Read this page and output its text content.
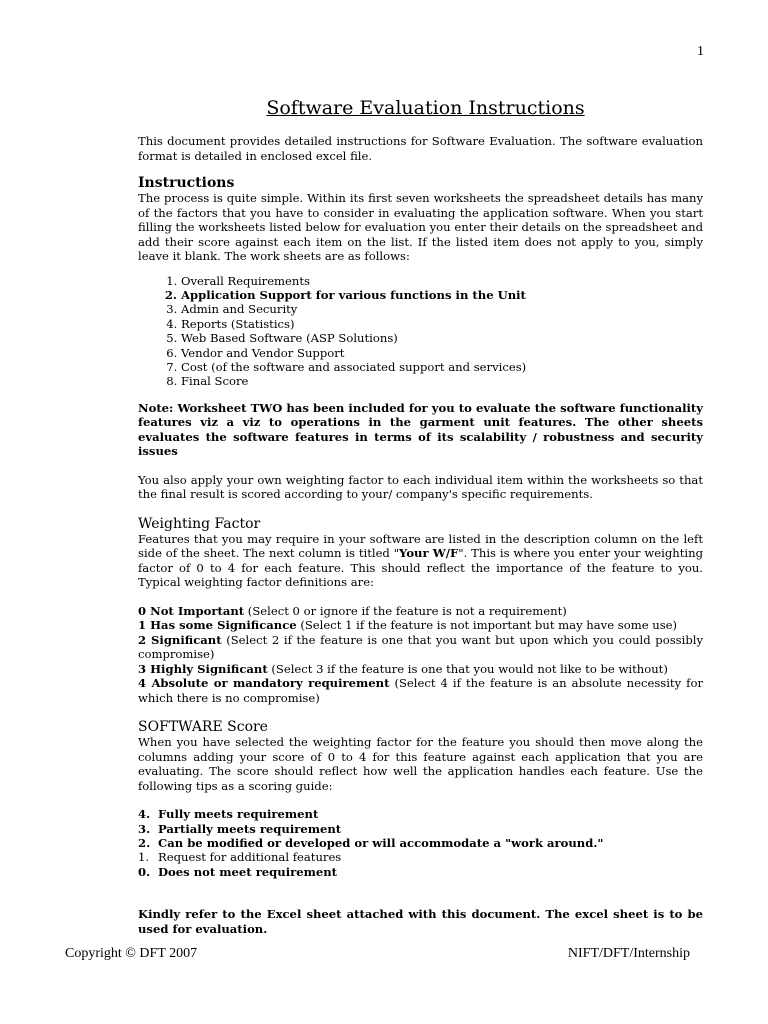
1
Software Evaluation Instructions

This document provides detailed instructions for Software Evaluation. The software evaluation format is detailed in enclosed excel file.

Instructions

The process is quite simple. Within its first seven worksheets the spreadsheet details has many of the factors that you have to consider in evaluating the application software. When you start filling the worksheets listed below for evaluation you enter their details on the spreadsheet and add their score against each item on the list. If the listed item does not apply to you, simply leave it blank. The work sheets are as follows:

1. Overall Requirements
2. Application Support for various functions in the Unit
3. Admin and Security
4. Reports (Statistics)
5. Web Based Software (ASP Solutions)
6. Vendor and Vendor Support
7. Cost (of the software and associated support and services)
8. Final Score

Note: Worksheet TWO has been included for you to evaluate the software functionality features viz a viz to operations in the garment unit features. The other sheets evaluates the software features in terms of its scalability / robustness and security issues

You also apply your own weighting factor to each individual item within the worksheets so that the final result is scored according to your/ company's specific requirements.

Weighting Factor

Features that you may require in your software are listed in the description column on the left side of the sheet. The next column is titled "Your W/F". This is where you enter your weighting factor of 0 to 4 for each feature. This should reflect the importance of the feature to you. Typical weighting factor definitions are:

0 Not Important (Select 0 or ignore if the feature is not a requirement)

1 Has some Significance (Select 1 if the feature is not important but may have some use)

2 Significant (Select 2 if the feature is one that you want but upon which you could possibly compromise)

3 Highly Significant (Select 3 if the feature is one that you would not like to be without)

4 Absolute or mandatory requirement (Select 4 if the feature is an absolute necessity for which there is no compromise)

SOFTWARE Score

When you have selected the weighting factor for the feature you should then move along the columns adding your score of 0 to 4 for this feature against each application that you are evaluating. The score should reflect how well the application handles each feature. Use the following tips as a scoring guide:

4. Fully meets requirement
3. Partially meets requirement
2. Can be modified or developed or will accommodate a "work around."
1. Request for additional features
0. Does not meet requirement

Kindly refer to the Excel sheet attached with this document. The excel sheet is to be used for evaluation.

Copyright © DFT 2007	NIFT/DFT/Internship
